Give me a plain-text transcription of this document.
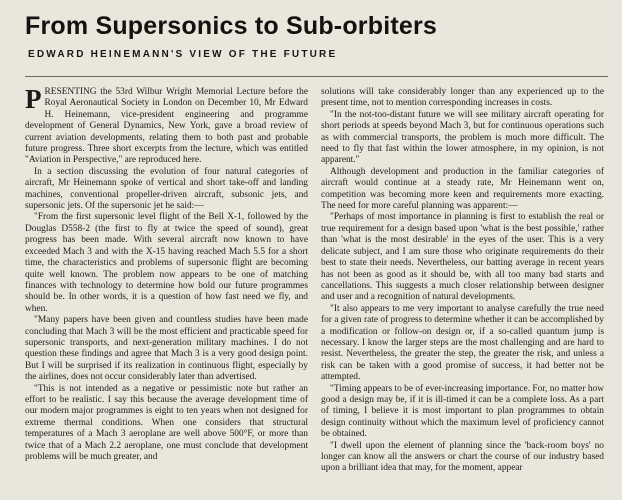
From Supersonics to Sub-orbiters
EDWARD HEINEMANN'S VIEW OF THE FUTURE

PRESENTING the 53rd Wilbur Wright Memorial Lecture before the Royal Aeronautical Society in London on December 10, Mr Edward H. Heinemann, vice-president engineering and programme development of General Dynamics, New York, gave a broad review of current aviation developments, relating them to both past and probable future progress. Three short excerpts from the lecture, which was entitled "Aviation in Perspective," are reproduced here.

In a section discussing the evolution of four natural categories of aircraft, Mr Heinemann spoke of vertical and short take-off and landing machines, conventional propeller-driven aircraft, subsonic jets, and supersonic jets. Of the supersonic jet he said:—

"From the first supersonic level flight of the Bell X-1, followed by the Douglas D558-2 (the first to fly at twice the speed of sound), great progress has been made. With several aircraft now known to have exceeded Mach 3 and with the X-15 having reached Mach 5.5 for a short time, the characteristics and problems of supersonic flight are becoming quite well known. The problem now appears to be one of matching finances with technology to determine how bold our future programmes should be. In other words, it is a question of how fast need we fly, and when.

"Many papers have been given and countless studies have been made concluding that Mach 3 will be the most efficient and practicable speed for supersonic transports, and next-generation military machines. I do not question these findings and agree that Mach 3 is a very good design point. But I will be surprised if its realization in continuous flight, especially by the airlines, does not occur considerably later than advertised.

"This is not intended as a negative or pessimistic note but rather an effort to be realistic. I say this because the average development time of our modern major programmes is eight to ten years when not designed for extreme thermal conditions. When one considers that structural temperatures of a Mach 3 aeroplane are well above 500°F, or more than twice that of a Mach 2.2 aeroplane, one must conclude that development problems will be much greater, and

solutions will take considerably longer than any experienced up to the present time, not to mention corresponding increases in costs.

"In the not-too-distant future we will see military aircraft operating for short periods at speeds beyond Mach 3, but for continuous operations such as with commercial transports, the problem is much more difficult. The need to fly that fast within the lower atmosphere, in my opinion, is not apparent."

Although development and production in the familiar categories of aircraft would continue at a steady rate, Mr Heinemann went on, competition was becoming more keen and requirements more exacting. The need for more careful planning was apparent:—

"Perhaps of most importance in planning is first to establish the real or true requirement for a design based upon 'what is the best possible,' rather than 'what is the most desirable' in the eyes of the user. This is a very delicate subject, and I am sure those who originate requirements do their best to state their needs. Nevertheless, our batting average in recent years has not been as good as it should be, with all too many bad starts and cancellations. This suggests a much closer relationship between designer and user and a recognition of natural developments.

"It also appears to me very important to analyse carefully the true need for a given rate of progress to determine whether it can be accomplished by a modification or follow-on design or, if a so-called quantum jump is necessary. I know the larger steps are the most challenging and are hard to resist. Nevertheless, the greater the step, the greater the risk, and unless a risk can be taken with a good promise of success, it had better not be attempted.

"Timing appears to be of ever-increasing importance. For, no matter how good a design may be, if it is ill-timed it can be a complete loss. As a part of timing, I believe it is most important to plan programmes to obtain design continuity without which the maximum level of proficiency cannot be obtained.

"I dwell upon the element of planning since the 'back-room boys' no longer can know all the answers or chart the course of our industry based upon a brilliant idea that may, for the moment, appear
